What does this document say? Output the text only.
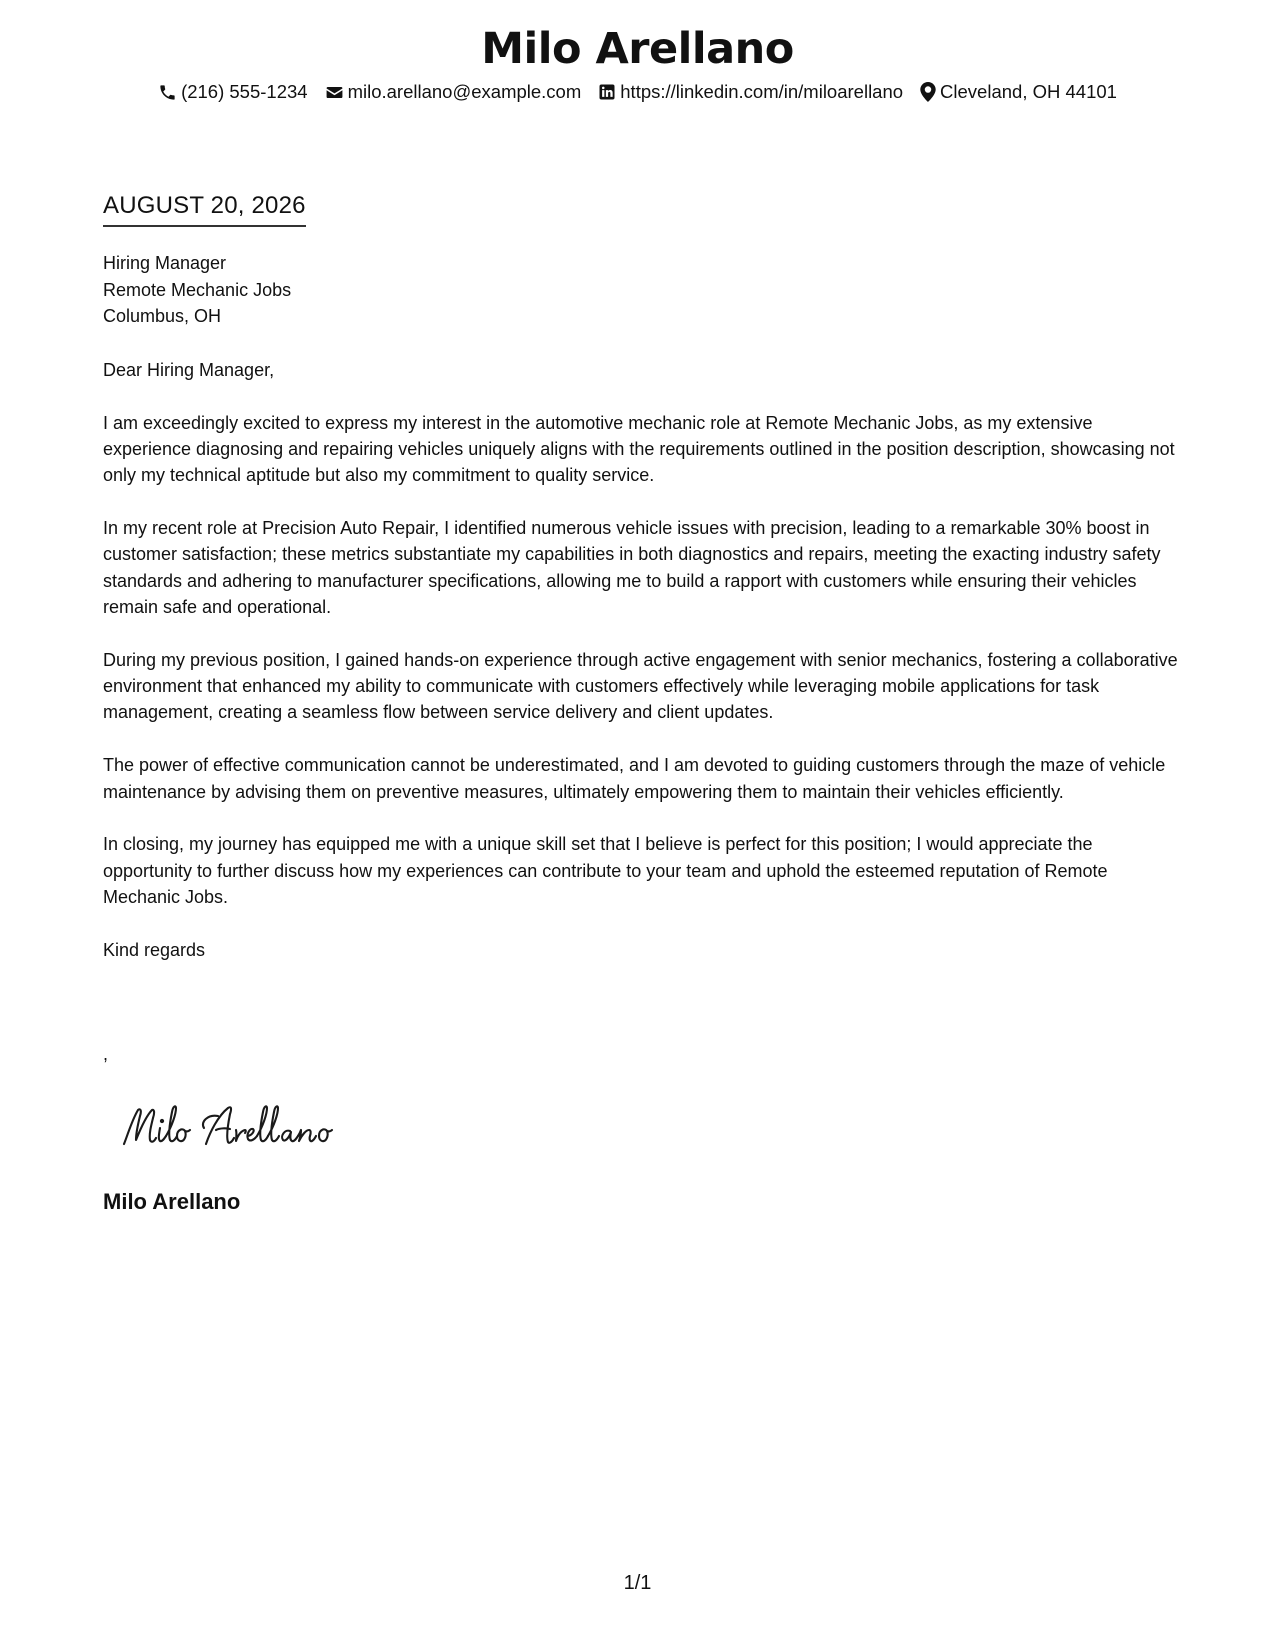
Milo Arellano
(216) 555-1234 milo.arellano@example.com https://linkedin.com/in/miloarellano Cleveland, OH 44101
AUGUST 20, 2026
Hiring Manager
Remote Mechanic Jobs
Columbus, OH

Dear Hiring Manager,

I am exceedingly excited to express my interest in the automotive mechanic role at Remote Mechanic Jobs, as my extensive experience diagnosing and repairing vehicles uniquely aligns with the requirements outlined in the position description, showcasing not only my technical aptitude but also my commitment to quality service.

In my recent role at Precision Auto Repair, I identified numerous vehicle issues with precision, leading to a remarkable 30% boost in customer satisfaction; these metrics substantiate my capabilities in both diagnostics and repairs, meeting the exacting industry safety standards and adhering to manufacturer specifications, allowing me to build a rapport with customers while ensuring their vehicles remain safe and operational.

During my previous position, I gained hands-on experience through active engagement with senior mechanics, fostering a collaborative environment that enhanced my ability to communicate with customers effectively while leveraging mobile applications for task management, creating a seamless flow between service delivery and client updates.

The power of effective communication cannot be underestimated, and I am devoted to guiding customers through the maze of vehicle maintenance by advising them on preventive measures, ultimately empowering them to maintain their vehicles efficiently.

In closing, my journey has equipped me with a unique skill set that I believe is perfect for this position; I would appreciate the opportunity to further discuss how my experiences can contribute to your team and uphold the esteemed reputation of Remote Mechanic Jobs.

Kind regards

,
Milo Arellano
1/1
